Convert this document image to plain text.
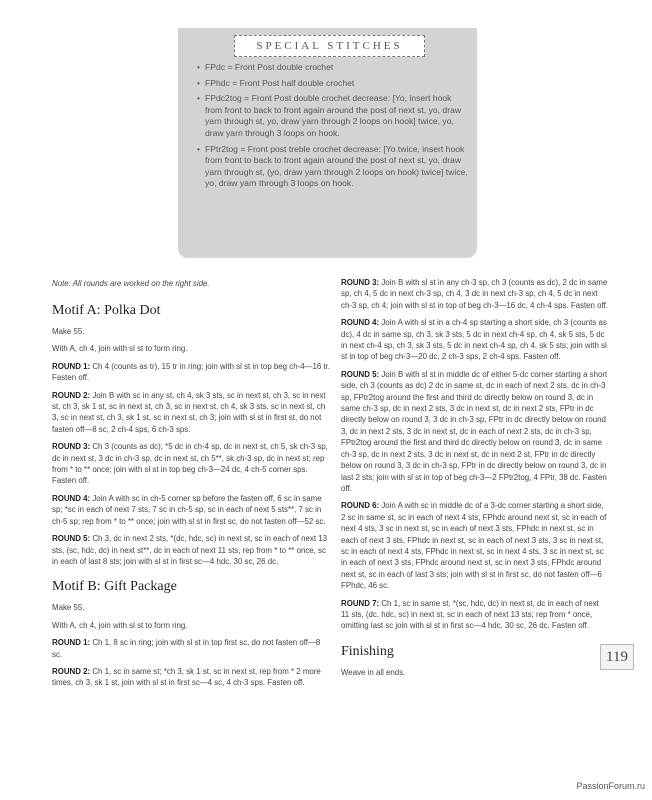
SPECIAL STITCHES
• FPdc = Front Post double crochet
• FPhdc = Front Post half double crochet
• FPdc2tog = Front Post double crochet decrease: [Yo, insert hook from front to back to front again around the post of next st, yo, draw yarn through st, yo, draw yarn through 2 loops on hook] twice, yo, draw yarn through 3 loops on hook.
• FPtr2tog = Front post treble crochet decrease: [Yo twice, insert hook from front to back to front again around the post of next st, yo, draw yarn through st, (yo, draw yarn through 2 loops on hook) twice] twice, yo, draw yarn through 3 loops on hook.

Note: All rounds are worked on the right side.

Motif A: Polka Dot

Make 55.

With A, ch 4, join with sl st to form ring.

ROUND 1: Ch 4 (counts as tr), 15 tr in ring; join with sl st in top beg ch-4—16 tr. Fasten off.

ROUND 2: Join B with sc in any st, ch 4, sk 3 sts, sc in next st, ch 3, sc in next st, ch 3, sk 1 st, sc in next st, ch 3, sc in next st, ch 4, sk 3 sts, sc in next st, ch 3, sc in next st, ch 3, sk 1 st, sc in next st, ch 3; join with sl st in first st, do not fasten off—8 sc, 2 ch-4 sps, 6 ch-3 sps.

ROUND 3: Ch 3 (counts as dc); *5 dc in ch-4 sp, dc in next st, ch 5, sk ch-3 sp, dc in next st, 3 dc in ch-3 sp, dc in next st, ch 5**, sk ch-3 sp, dc in next st; rep from * to ** once; join with sl st in top beg ch-3—24 dc, 4 ch-5 corner sps. Fasten off.

ROUND 4: Join A with sc in ch-5 corner sp before the fasten off, 6 sc in same sp; *sc in each of next 7 sts, 7 sc in ch-5 sp, sc in each of next 5 sts**, 7 sc in ch-5 sp; rep from * to ** once; join with sl st in first sc, do not fasten off—52 sc.

ROUND 5: Ch 3, dc in next 2 sts, *(dc, hdc, sc) in next st, sc in each of next 13 sts, (sc, hdc, dc) in next st**, dc in each of next 11 sts, rep from * to ** once, sc in each of last 8 sts; join with sl st in first sc—4 hdc, 30 sc, 26 dc.

Motif B: Gift Package

Make 55.

With A, ch 4, join with sl st to form ring.

ROUND 1: Ch 1, 8 sc in ring; join with sl st in top first sc, do not fasten off—8 sc.

ROUND 2: Ch 1, sc in same st; *ch 3, sk 1 st, sc in next st, rep from * 2 more times, ch 3, sk 1 st, join with sl st in first sc—4 sc, 4 ch-3 sps. Fasten off.

ROUND 3: Join B with sl st in any ch-3 sp, ch 3 (counts as dc), 2 dc in same sp, ch 4, 5 dc in next ch-3 sp, ch 4, 3 dc in next ch-3 sp, ch 4, 5 dc in next ch-3 sp, ch 4; join with sl st in top of beg ch-3—16 dc, 4 ch-4 sps. Fasten off.

ROUND 4: Join A with sl st in a ch-4 sp starting a short side, ch 3 (counts as dc), 4 dc in same sp, ch 3, sk 3 sts, 5 dc in next ch-4 sp, ch 4, sk 5 sts, 5 dc in next ch-4 sp, ch 3, sk 3 sts, 5 dc in next ch-4 sp, ch 4, sk 5 sts; join with sl st in top of beg ch-3—20 dc, 2 ch-3 sps, 2 ch-4 sps. Fasten off.

ROUND 5: Join B with sl st in middle dc of either 5-dc corner starting a short side, ch 3 (counts as dc) 2 dc in same st, dc in each of next 2 sts, dc in ch-3 sp, FPtr2tog around the first and third dc directly below on round 3, dc in same ch-3 sp, dc in next 2 sts, 3 dc in next st, dc in next 2 sts, FPtr in dc directly below on round 3, 3 dc in ch-3 sp, FPtr in dc directly below on round 3, dc in next 2 sts, 3 dc in next st, dc in each of next 2 sts, dc in ch-3 sp, FPtr2tog around the first and third dc directly below on round 3, dc in same ch-3 sp, dc in next 2 sts, 3 dc in next st, dc in next 2 st, FPtr in dc directly below on round 3, 3 dc in ch-3 sp, FPtr in dc directly below on round 3, dc in last 2 sts; join with sl st in top of beg ch-3—2 FPtr2tog, 4 FPtr, 38 dc. Fasten off.

ROUND 6: Join A with sc in middle dc of a 3-dc corner starting a short side, 2 sc in same st, sc in each of next 4 sts, FPhdc around next st, sc in each of next 4 sts, 3 sc in next st, sc in each of next 3 sts, FPhdc in next st, sc in each of next 3 sts, FPhdc in next st, sc in each of next 3 sts, 3 sc in next st, sc in each of next 4 sts, FPhdc in next st, sc in next 4 sts, 3 sc in next st, sc in each of next 3 sts, FPhdc around next st, sc in next 3 sts, FPhdc around next st, sc in each of last 3 sts; join with sl st in first sc, do not fasten off—6 FPhdc, 46 sc.

ROUND 7: Ch 1, sc in same st, *(sc, hdc, dc) in next st, dc in each of next 11 sts, (dc, hdc, sc) in next st, sc in each of next 13 sts; rep from * once, omitting last sc join with sl st in first sc—4 hdc, 30 sc, 26 dc. Fasten off.

Finishing

Weave in all ends.

119
PassionForum.ru
